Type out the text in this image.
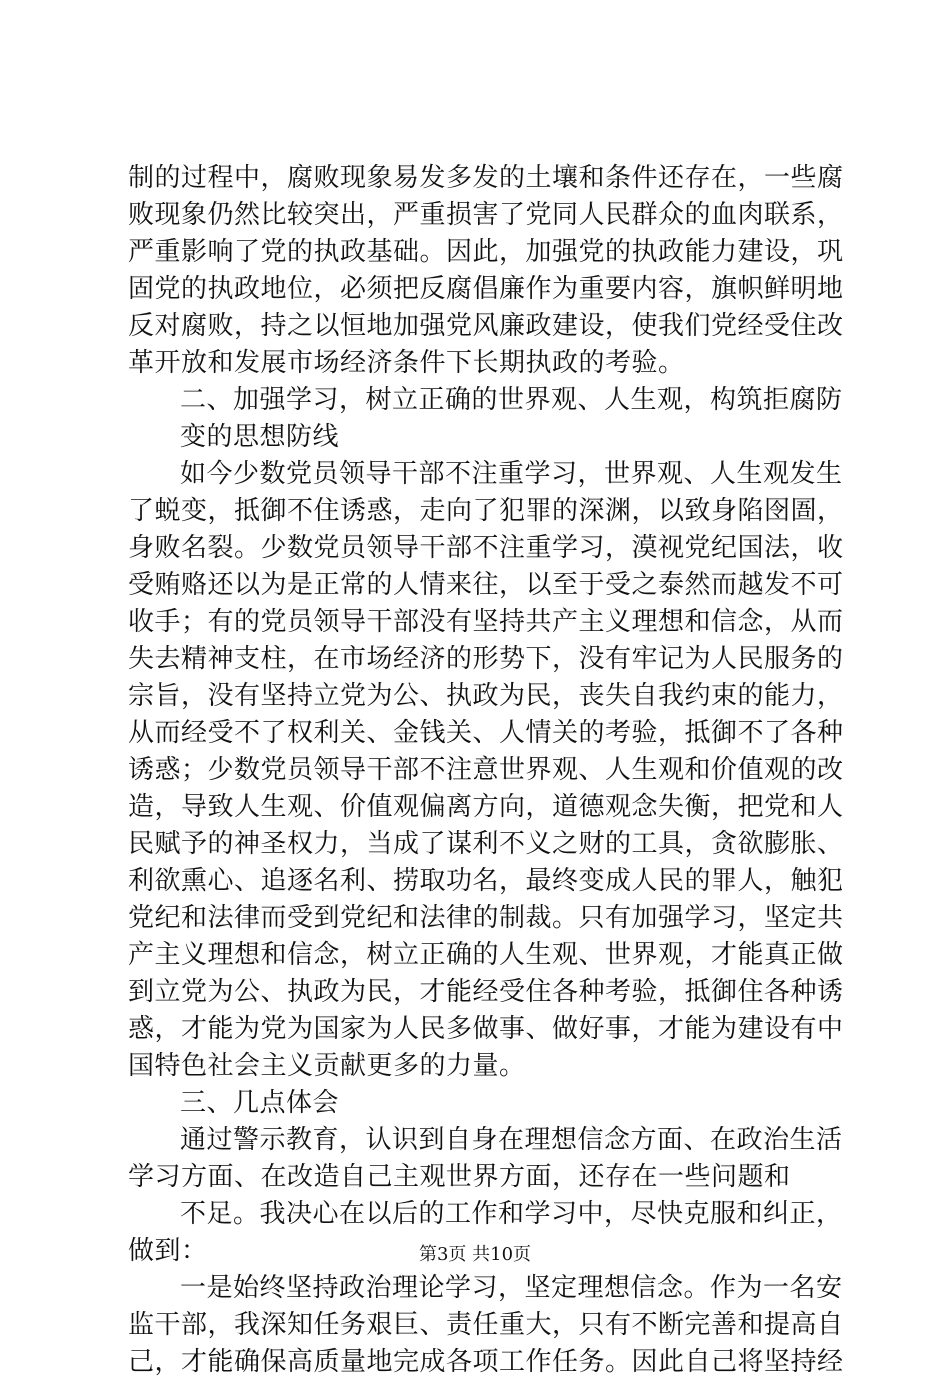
制的过程中，腐败现象易发多发的土壤和条件还存在，一些腐
败现象仍然比较突出，严重损害了党同人民群众的血肉联系，
严重影响了党的执政基础。因此，加强党的执政能力建设，巩
固党的执政地位，必须把反腐倡廉作为重要内容，旗帜鲜明地
反对腐败，持之以恒地加强党风廉政建设，使我们党经受住改
革开放和发展市场经济条件下长期执政的考验。
二、加强学习，树立正确的世界观、人生观，构筑拒腐防
变的思想防线
如今少数党员领导干部不注重学习，世界观、人生观发生
了蜕变，抵御不住诱惑，走向了犯罪的深渊，以致身陷囹圄，
身败名裂。少数党员领导干部不注重学习，漠视党纪国法，收
受贿赂还以为是正常的人情来往，以至于受之泰然而越发不可
收手；有的党员领导干部没有坚持共产主义理想和信念，从而
失去精神支柱，在市场经济的形势下，没有牢记为人民服务的
宗旨，没有坚持立党为公、执政为民，丧失自我约束的能力，
从而经受不了权利关、金钱关、人情关的考验，抵御不了各种
诱惑；少数党员领导干部不注意世界观、人生观和价值观的改
造，导致人生观、价值观偏离方向，道德观念失衡，把党和人
民赋予的神圣权力，当成了谋利不义之财的工具，贪欲膨胀、
利欲熏心、追逐名利、捞取功名，最终变成人民的罪人，触犯
党纪和法律而受到党纪和法律的制裁。只有加强学习，坚定共
产主义理想和信念，树立正确的人生观、世界观，才能真正做
到立党为公、执政为民，才能经受住各种考验，抵御住各种诱
惑，才能为党为国家为人民多做事、做好事，才能为建设有中
国特色社会主义贡献更多的力量。
三、几点体会
通过警示教育，认识到自身在理想信念方面、在政治生活
学习方面、在改造自己主观世界方面，还存在一些问题和
不足。我决心在以后的工作和学习中，尽快克服和纠正，
做到：
一是始终坚持政治理论学习，坚定理想信念。作为一名安
监干部，我深知任务艰巨、责任重大，只有不断完善和提高自
己，才能确保高质量地完成各项工作任务。因此自己将坚持经
第3页 共10页
